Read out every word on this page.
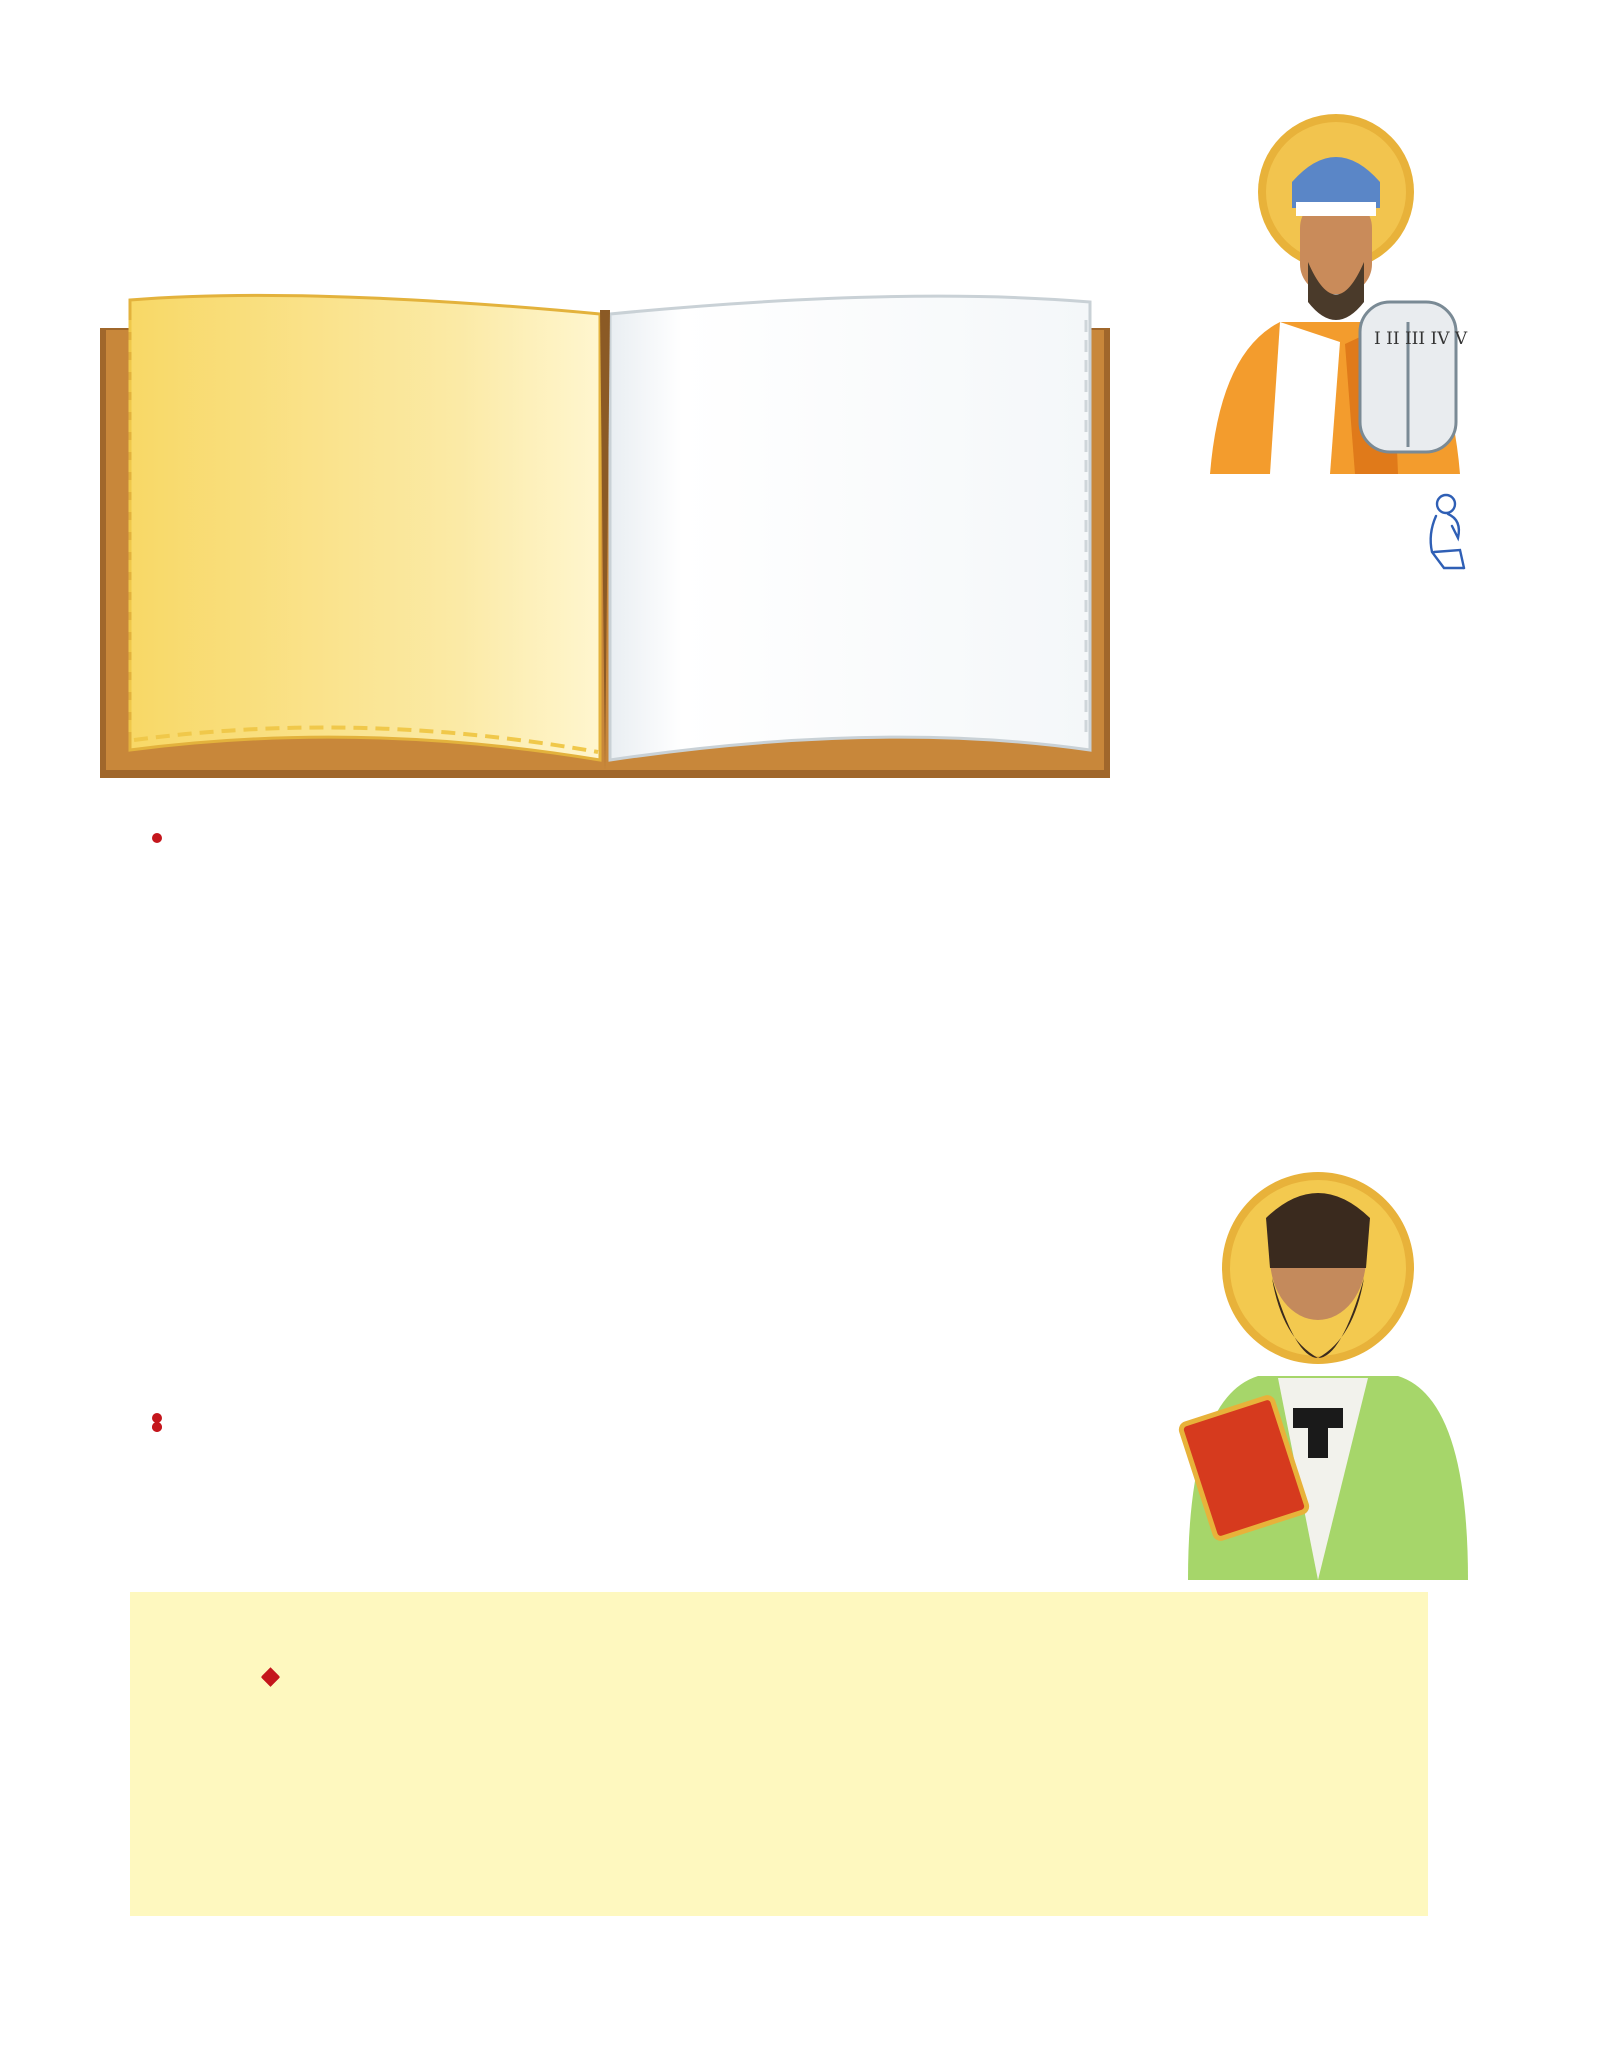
I II III IV V
